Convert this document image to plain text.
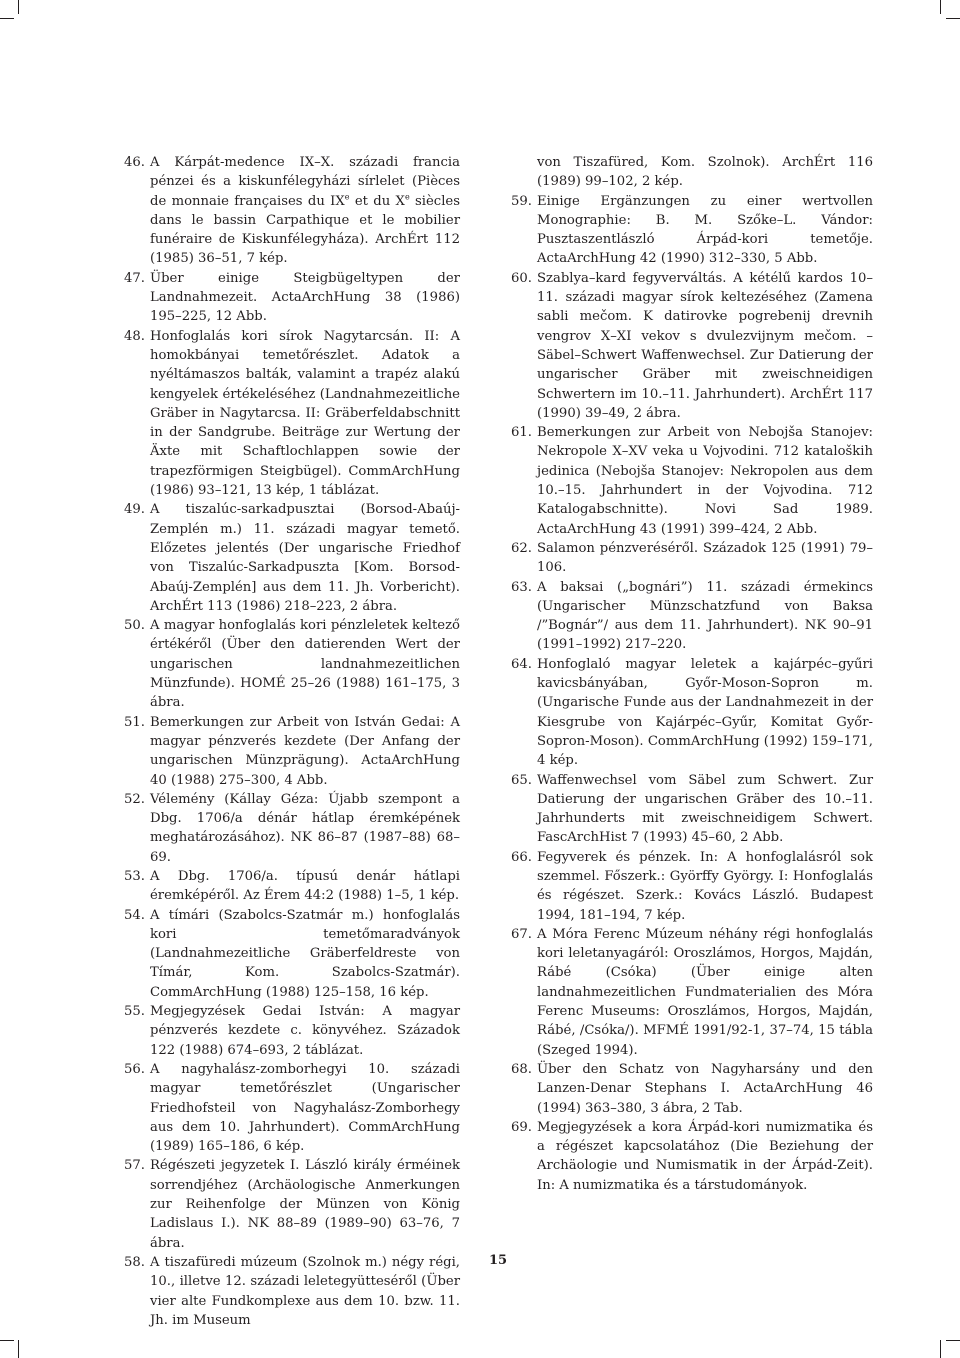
46. A Kárpát-medence IX–X. századi francia pénzei és a kiskunfélegyházi sírlelet (Pièces de monnaie françaises du IXe et du Xe siècles dans le bassin Carpathique et le mobilier funéraire de Kiskunfélegyháza). ArchÉrt 112 (1985) 36–51, 7 kép.
47. Über einige Steigbügeltypen der Landnahmezeit. ActaArchHung 38 (1986) 195–225, 12 Abb.
48. Honfoglalás kori sírok Nagytarcsán. II: A homokbányai temetőrészlet. Adatok a nyéltámaszos balták, valamint a trapéz alakú kengyelek értékeléséhez (Landnahmezeitliche Gräber in Nagytarcsa. II: Gräberfeldabschnitt in der Sandgrube. Beiträge zur Wertung der Äxte mit Schaftlochlappen sowie der trapezförmigen Steigbügel). CommArchHung (1986) 93–121, 13 kép, 1 táblázat.
49. A tiszalúc-sarkadpusztai (Borsod-Abaúj-Zemplén m.) 11. századi magyar temető. Előzetes jelentés (Der ungarische Friedhof von Tiszalúc-Sarkadpuszta [Kom. Borsod-Abaúj-Zemplén] aus dem 11. Jh. Vorbericht). ArchÉrt 113 (1986) 218–223, 2 ábra.
50. A magyar honfoglalás kori pénzleletek keltező értékéről (Über den datierenden Wert der ungarischen landnahmezeitlichen Münzfunde). HOMÉ 25–26 (1988) 161–175, 3 ábra.
51. Bemerkungen zur Arbeit von István Gedai: A magyar pénzverés kezdete (Der Anfang der ungarischen Münzprägung). ActaArchHung 40 (1988) 275–300, 4 Abb.
52. Vélemény (Kállay Géza: Újabb szempont a Dbg. 1706/a dénár hátlap éremképének meghatározásához). NK 86–87 (1987–88) 68–69.
53. A Dbg. 1706/a. típusú denár hátlapi éremképéről. Az Érem 44:2 (1988) 1–5, 1 kép.
54. A tímári (Szabolcs-Szatmár m.) honfoglalás kori temetőmaradványok (Landnahmezeitliche Gräberfeldreste von Tímár, Kom. Szabolcs-Szatmár). CommArchHung (1988) 125–158, 16 kép.
55. Megjegyzések Gedai István: A magyar pénzverés kezdete c. könyvéhez. Századok 122 (1988) 674–693, 2 táblázat.
56. A nagyhalász-zomborhegyi 10. századi magyar temetőrészlet (Ungarischer Friedhofsteil von Nagyhalász-Zomborhegy aus dem 10. Jahrhundert). CommArchHung (1989) 165–186, 6 kép.
57. Régészeti jegyzetek I. László király érméinek sorrendjéhez (Archäologische Anmerkungen zur Reihenfolge der Münzen von König Ladislaus I.). NK 88–89 (1989–90) 63–76, 7 ábra.
58. A tiszafüredi múzeum (Szolnok m.) négy régi, 10., illetve 12. századi leletegyütteséről (Über vier alte Fundkomplexe aus dem 10. bzw. 11. Jh. im Museum
von Tiszafüred, Kom. Szolnok). ArchÉrt 116 (1989) 99–102, 2 kép.
59. Einige Ergänzungen zu einer wertvollen Monographie: B. M. Szőke–L. Vándor: Pusztaszentlászló Árpád-kori temetője. ActaArchHung 42 (1990) 312–330, 5 Abb.
60. Szablya–kard fegyverváltás. A kétélű kardos 10–11. századi magyar sírok keltezéséhez (Zamena sabli mečom. K datirovke pogrebenij drevnih vengrov X–XI vekov s dvulezvijnym mečom. – Säbel–Schwert Waffenwechsel. Zur Datierung der ungarischer Gräber mit zweischneidigen Schwertern im 10.–11. Jahrhundert). ArchÉrt 117 (1990) 39–49, 2 ábra.
61. Bemerkungen zur Arbeit von Nebojša Stanojev: Nekropole X–XV veka u Vojvodini. 712 kataloških jedinica (Nebojša Stanojev: Nekropolen aus dem 10.–15. Jahrhundert in der Vojvodina. 712 Katalogabschnitte). Novi Sad 1989. ActaArchHung 43 (1991) 399–424, 2 Abb.
62. Salamon pénzveréséről. Századok 125 (1991) 79–106.
63. A baksai („bognári”) 11. századi érmekincs (Ungarischer Münzschatzfund von Baksa /”Bognár”/ aus dem 11. Jahrhundert). NK 90–91 (1991–1992) 217–220.
64. Honfoglaló magyar leletek a kajárpéc–gyűri kavicsbányában, Győr-Moson-Sopron m. (Ungarische Funde aus der Landnahmezeit in der Kiesgrube von Kajárpéc–Gyűr, Komitat Győr-Sopron-Moson). CommArchHung (1992) 159–171, 4 kép.
65. Waffenwechsel vom Säbel zum Schwert. Zur Datierung der ungarischen Gräber des 10.–11. Jahrhunderts mit zweischneidigem Schwert. FascArchHist 7 (1993) 45–60, 2 Abb.
66. Fegyverek és pénzek. In: A honfoglalásról sok szemmel. Főszerk.: Györffy György. I: Honfoglalás és régészet. Szerk.: Kovács László. Budapest 1994, 181–194, 7 kép.
67. A Móra Ferenc Múzeum néhány régi honfoglalás kori leletanyagáról: Oroszlámos, Horgos, Majdán, Rábé (Csóka) (Über einige alten landnahmezeitlichen Fundmaterialien des Móra Ferenc Museums: Oroszlámos, Horgos, Majdán, Rábé, /Csóka/). MFMÉ 1991/92-1, 37–74, 15 tábla (Szeged 1994).
68. Über den Schatz von Nagyharsány und den Lanzen-Denar Stephans I. ActaArchHung 46 (1994) 363–380, 3 ábra, 2 Tab.
69. Megjegyzések a kora Árpád-kori numizmatika és a régészet kapcsolatához (Die Beziehung der Archäologie und Numismatik in der Árpád-Zeit). In: A numizmatika és a társtudományok.
15
